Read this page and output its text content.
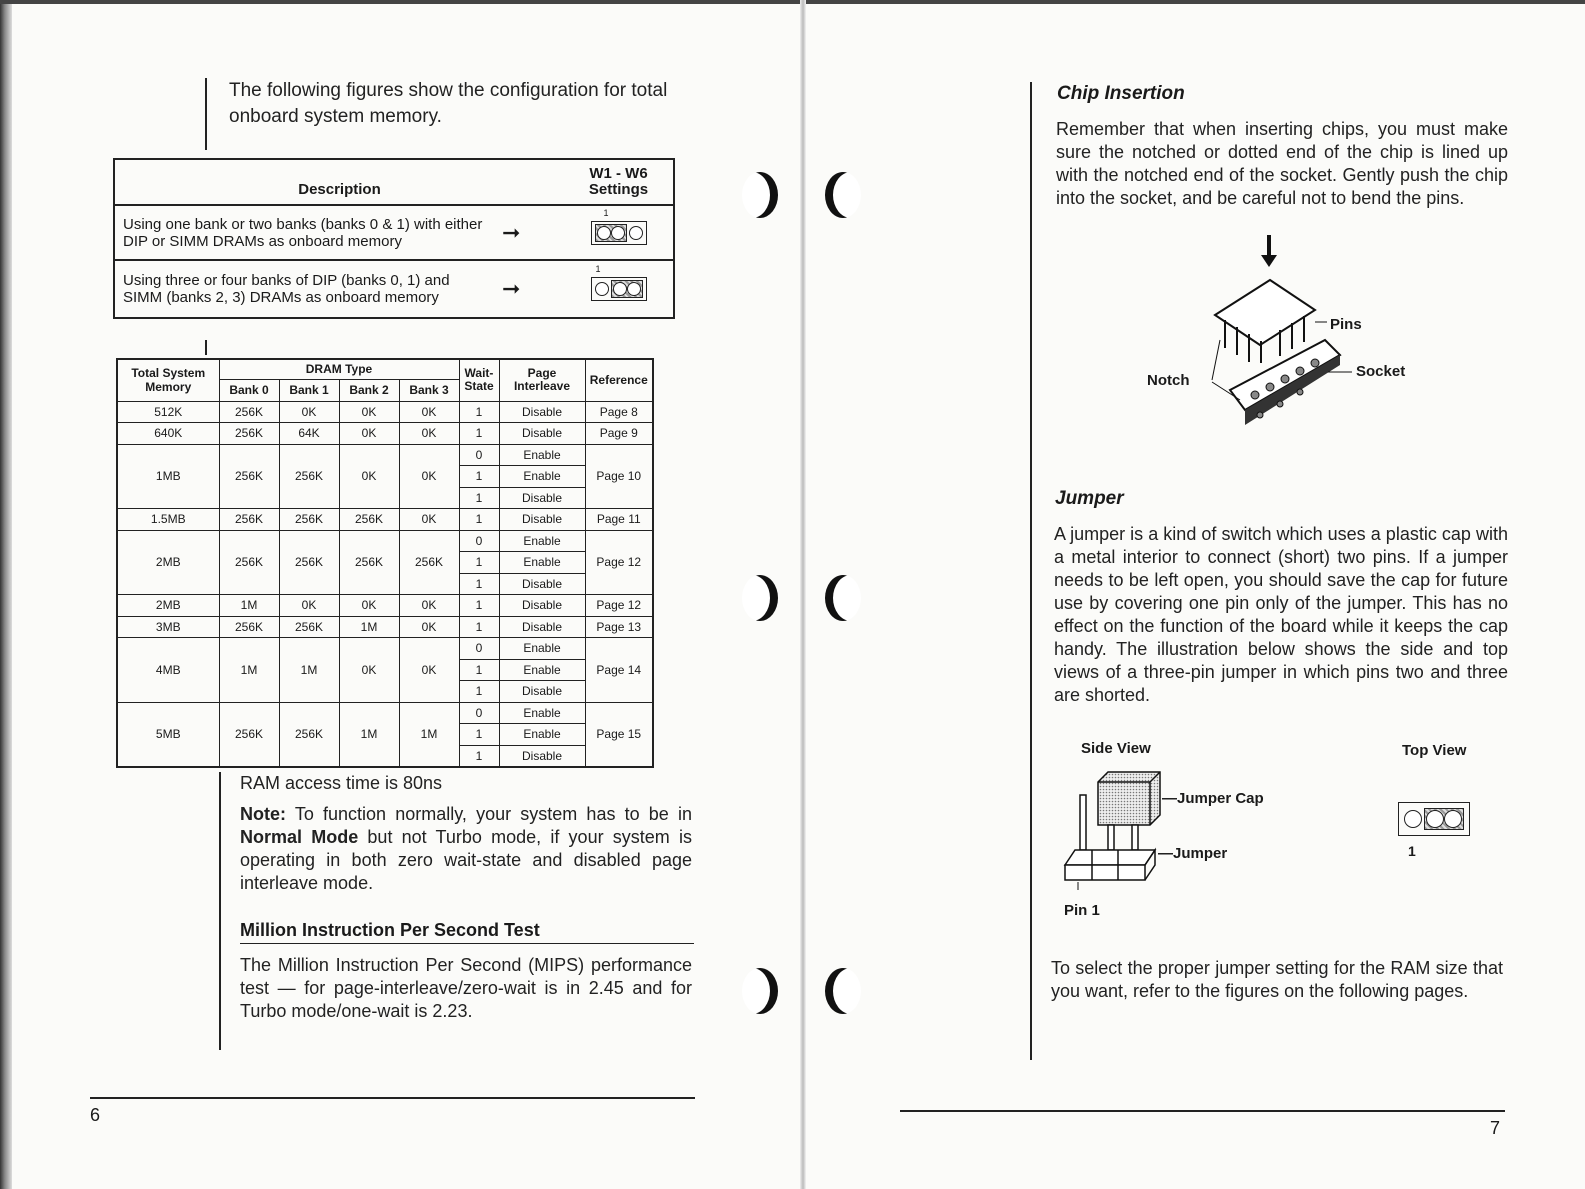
The following figures show the configuration for total onboard system memory.

Description		W1 - W6 Settings
Using one bank or two banks (banks 0 & 1) with either DIP or SIMM DRAMs as onboard memory	➞	1

Using three or four banks of DIP (banks 0, 1) and SIMM (banks 2, 3) DRAMs as onboard memory	➞	1
Total System Memory	DRAM Type				Wait-State	Page Interleave	Reference
	Bank 0	Bank 1	Bank 2	Bank 3			
512K	256K	0K	0K	0K	1	Disable	Page 8
640K	256K	64K	0K	0K	1	Disable	Page 9
1MB	256K	256K	0K	0K	0	Enable	Page 10
					1	Enable	
					1	Disable	
1.5MB	256K	256K	256K	0K	1	Disable	Page 11
2MB	256K	256K	256K	256K	0	Enable	Page 12
					1	Enable	
					1	Disable	
2MB	1M	0K	0K	0K	1	Disable	Page 12
3MB	256K	256K	1M	0K	1	Disable	Page 13
4MB	1M	1M	0K	0K	0	Enable	Page 14
					1	Enable	
					1	Disable	
5MB	256K	256K	1M	1M	0	Enable	Page 15
					1	Enable	
					1	Disable	

RAM access time is 80ns

Note: To function normally, your system has to be in Normal Mode but not Turbo mode, if your system is operating in both zero wait-state and disabled page interleave mode.

Million Instruction Per Second Test

The Million Instruction Per Second (MIPS) performance test — for page-interleave/zero-wait is in 2.45 and for Turbo mode/one-wait is 2.23.

6
Chip Insertion

Remember that when inserting chips, you must make sure the notched or dotted end of the chip is lined up with the notched end of the socket. Gently push the chip into the socket, and be careful not to bend the pins.

Pins
Socket
Notch
Jumper

A jumper is a kind of switch which uses a plastic cap with a metal interior to connect (short) two pins. If a jumper needs to be left open, you should save the cap for future use by covering one pin only of the jumper. This has no effect on the function of the board while it keeps the cap handy. The illustration below shows the side and top views of a three-pin jumper in which pins two and three are shorted.

Side View	Top View
—Jumper Cap
—Jumper
Pin 1
1

To select the proper jumper setting for the RAM size that you want, refer to the figures on the following pages.

7
